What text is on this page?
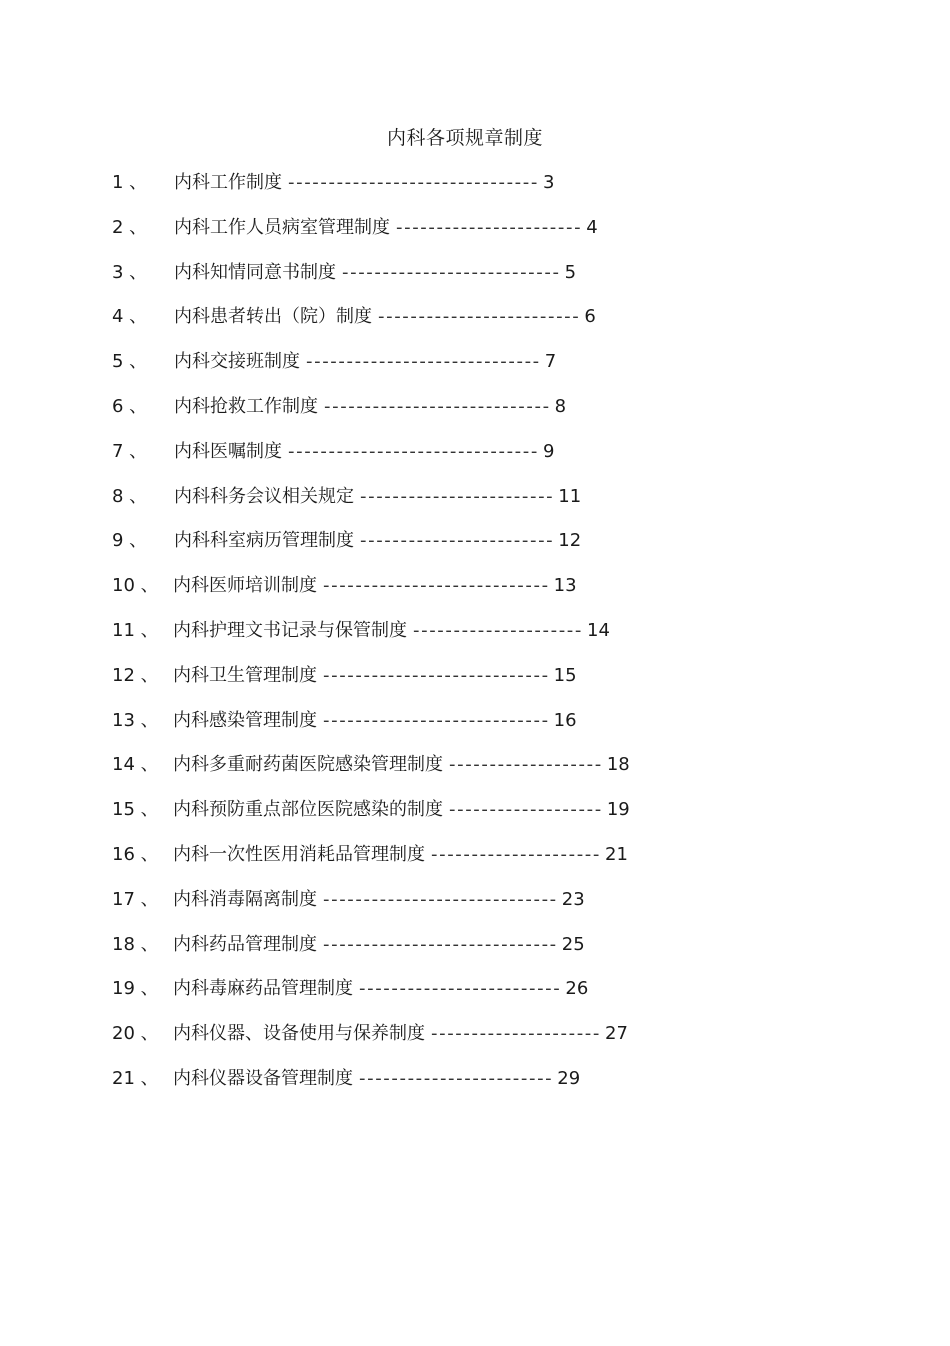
内科各项规章制度
1 、	内科工作制度 ------------------------------- 3
2 、	内科工作人员病室管理制度 ----------------------- 4
3 、	内科知情同意书制度 --------------------------- 5
4 、	内科患者转出（院）制度 ------------------------- 6
5 、	内科交接班制度 ----------------------------- 7
6 、	内科抢救工作制度 ---------------------------- 8
7 、	内科医嘱制度 ------------------------------- 9
8 、	内科科务会议相关规定 ------------------------ 11
9 、	内科科室病历管理制度 ------------------------ 12
10 、 内科医师培训制度 ---------------------------- 13
11 、 内科护理文书记录与保管制度 --------------------- 14
12 、 内科卫生管理制度 ---------------------------- 15
13 、 内科感染管理制度 ---------------------------- 16
14 、 内科多重耐药菌医院感染管理制度 ------------------- 18
15 、 内科预防重点部位医院感染的制度 ------------------- 19
16 、 内科一次性医用消耗品管理制度 --------------------- 21
17 、 内科消毒隔离制度 ----------------------------- 23
18 、 内科药品管理制度 ----------------------------- 25
19 、 内科毒麻药品管理制度 ------------------------- 26
20 、 内科仪器、设备使用与保养制度 --------------------- 27
21 、 内科仪器设备管理制度 ------------------------ 29
